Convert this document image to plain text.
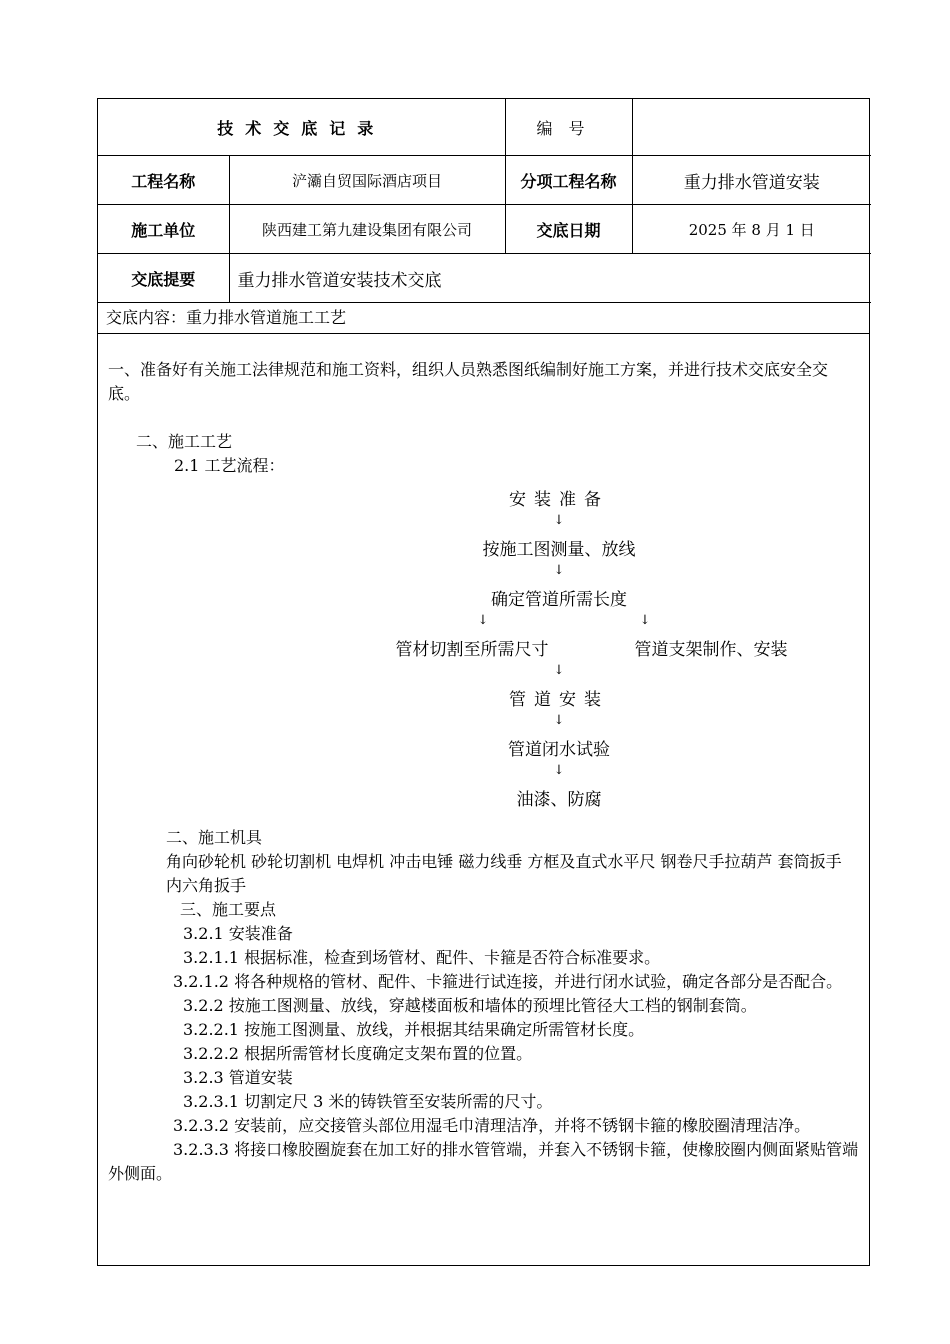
技术交底记录		编号	
工程名称	浐灞自贸国际酒店项目	分项工程名称	重力排水管道安装
施工单位	陕西建工第九建设集团有限公司	交底日期	2025 年 8 月 1 日
交底提要	重力排水管道安装技术交底		
交底内容：重力排水管道施工工艺

一、准备好有关施工法律规范和施工资料，组织人员熟悉图纸编制好施工方案，并进行技术交底安全交底。

二、施工工艺

2.1 工艺流程：

安装准备
↓
按施工图测量、放线
↓
确定管道所需长度
↓	↓
管材切割至所需尺寸	管道支架制作、安装
↓
管道安装
↓
管道闭水试验
↓
油漆、防腐

二、施工机具

角向砂轮机 砂轮切割机 电焊机 冲击电锤 磁力线垂 方框及直式水平尺 钢卷尺手拉葫芦 套筒扳手 内六角扳手

三、施工要点

3.2.1 安装准备

3.2.1.1 根据标准，检查到场管材、配件、卡箍是否符合标准要求。

3.2.1.2 将各种规格的管材、配件、卡箍进行试连接，并进行闭水试验，确定各部分是否配合。

3.2.2 按施工图测量、放线，穿越楼面板和墙体的预埋比管径大工档的钢制套筒。

3.2.2.1 按施工图测量、放线，并根据其结果确定所需管材长度。

3.2.2.2 根据所需管材长度确定支架布置的位置。

3.2.3 管道安装

3.2.3.1 切割定尺 3 米的铸铁管至安装所需的尺寸。

3.2.3.2 安装前，应交接管头部位用湿毛巾清理洁净，并将不锈钢卡箍的橡胶圈清理洁净。

3.2.3.3 将接口橡胶圈旋套在加工好的排水管管端，并套入不锈钢卡箍，使橡胶圈内侧面紧贴管端外侧面。
